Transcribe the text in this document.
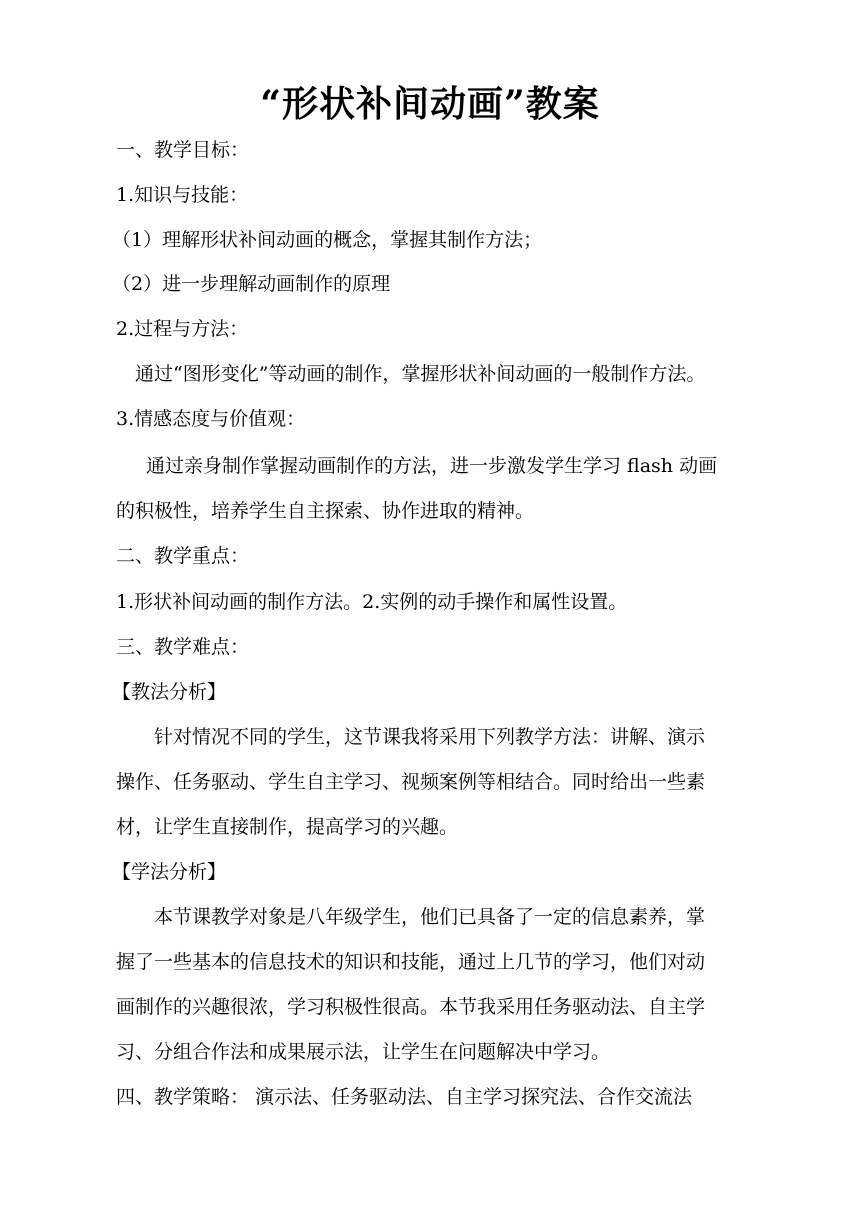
“形状补间动画”教案
一、教学目标：
1.知识与技能：
（1）理解形状补间动画的概念，掌握其制作方法；
（2）进一步理解动画制作的原理
2.过程与方法：
通过“图形变化”等动画的制作，掌握形状补间动画的一般制作方法。
3.情感态度与价值观：
通过亲身制作掌握动画制作的方法，进一步激发学生学习 flash 动画
的积极性，培养学生自主探索、协作进取的精神。
二、教学重点：
1.形状补间动画的制作方法。2.实例的动手操作和属性设置。
三、教学难点：
【教法分析】
针对情况不同的学生，这节课我将采用下列教学方法：讲解、演示
操作、任务驱动、学生自主学习、视频案例等相结合。同时给出一些素
材，让学生直接制作，提高学习的兴趣。
【学法分析】
本节课教学对象是八年级学生，他们已具备了一定的信息素养，掌
握了一些基本的信息技术的知识和技能，通过上几节的学习，他们对动
画制作的兴趣很浓，学习积极性很高。本节我采用任务驱动法、自主学
习、分组合作法和成果展示法，让学生在问题解决中学习。
四、教学策略： 演示法、任务驱动法、自主学习探究法、合作交流法
